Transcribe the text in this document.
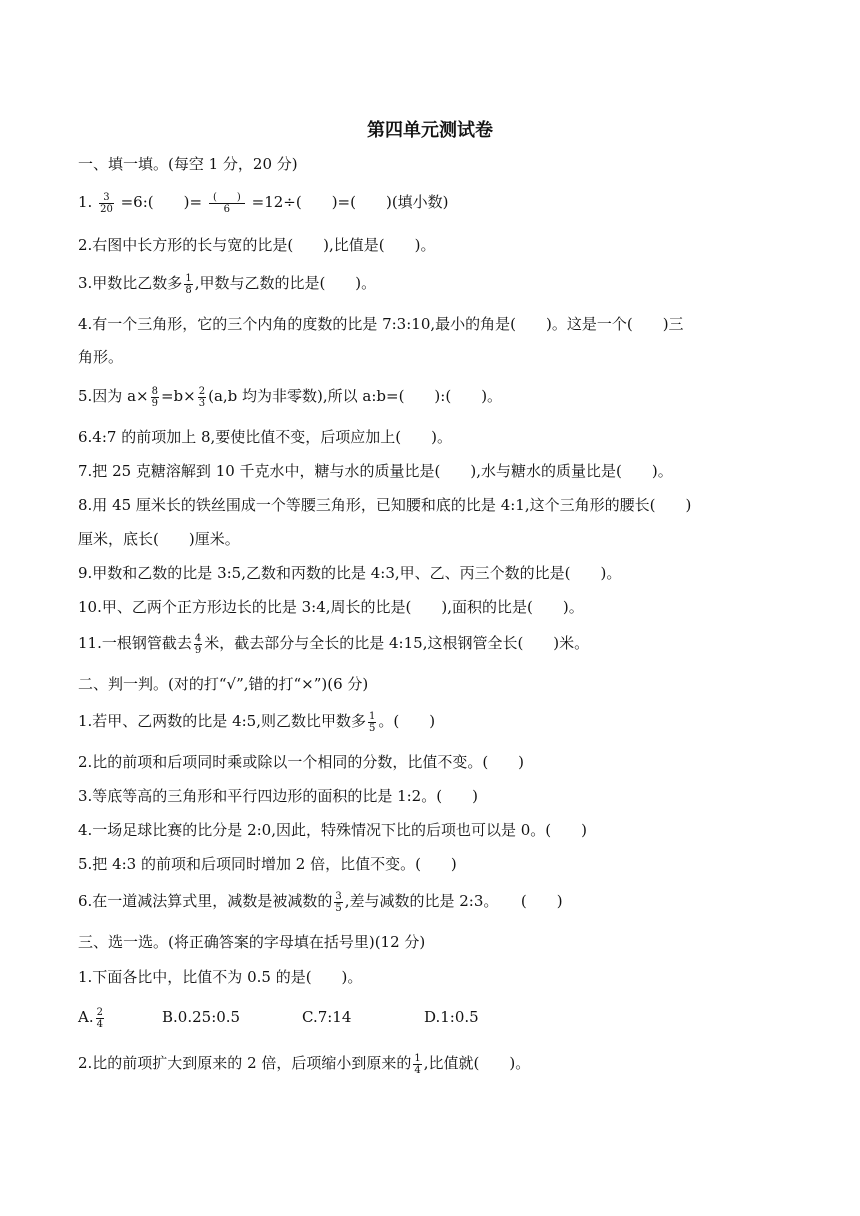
第四单元测试卷
一、填一填。(每空 1 分，20 分)
1. $\frac{3}{20}$ =6:(　　)= $\frac{( )}{6} =12\div$(　　)=(　　)(填小数)
2.右图中长方形的长与宽的比是(　　),比值是(　　)。
3.甲数比乙数多 $\frac{1}{8}$ ,甲数与乙数的比是(　　)。
4.有一个三角形，它的三个内角的度数的比是 7:3:10,最小的角是(　　)。这是一个(　　)三
角形。
5.因为 $a\times \frac{8}{9} =b\times \frac{2}{3} (a,b$ 均为非零数),所以 a:b=(　　):(　　)。
6.4:7 的前项加上 8,要使比值不变，后项应加上(　　)。
7.把 25 克糖溶解到 10 千克水中，糖与水的质量比是(　　),水与糖水的质量比是(　　)。
8.用 45 厘米长的铁丝围成一个等腰三角形，已知腰和底的比是 4:1,这个三角形的腰长(　　)
厘米，底长(　　)厘米。
9.甲数和乙数的比是 3:5,乙数和丙数的比是 4:3,甲、乙、丙三个数的比是(　　)。
10.甲、乙两个正方形边长的比是 3:4,周长的比是(　　),面积的比是(　　)。
11.一根钢管截去 $\frac{4}{9}$ 米，截去部分与全长的比是 4:15,这根钢管全长(　　)米。
二、判一判。(对的打“√”,错的打“×”)(6 分)
1.若甲、乙两数的比是 4:5,则乙数比甲数多 $\frac{1}{5}$ 。(　　)
2.比的前项和后项同时乘或除以一个相同的分数，比值不变。(　　)
3.等底等高的三角形和平行四边形的面积的比是 1:2。(　　)
4.一场足球比赛的比分是 2:0,因此，特殊情况下比的后项也可以是 0。(　　)
5.把 4:3 的前项和后项同时增加 2 倍，比值不变。(　　)
6.在一道减法算式里，减数是被减数的 $\frac{3}{5}$ ,差与减数的比是 2:3。　　(　　)
三、选一选。(将正确答案的字母填在括号里)(12 分)
1.下面各比中，比值不为 0.5 的是(　　)。
A. $\frac{2}{4}$	B.0.25:0.5	C.7:14	D.1:0.5
2.比的前项扩大到原来的 2 倍，后项缩小到原来的 $\frac{1}{4}$ ,比值就(　　)。
